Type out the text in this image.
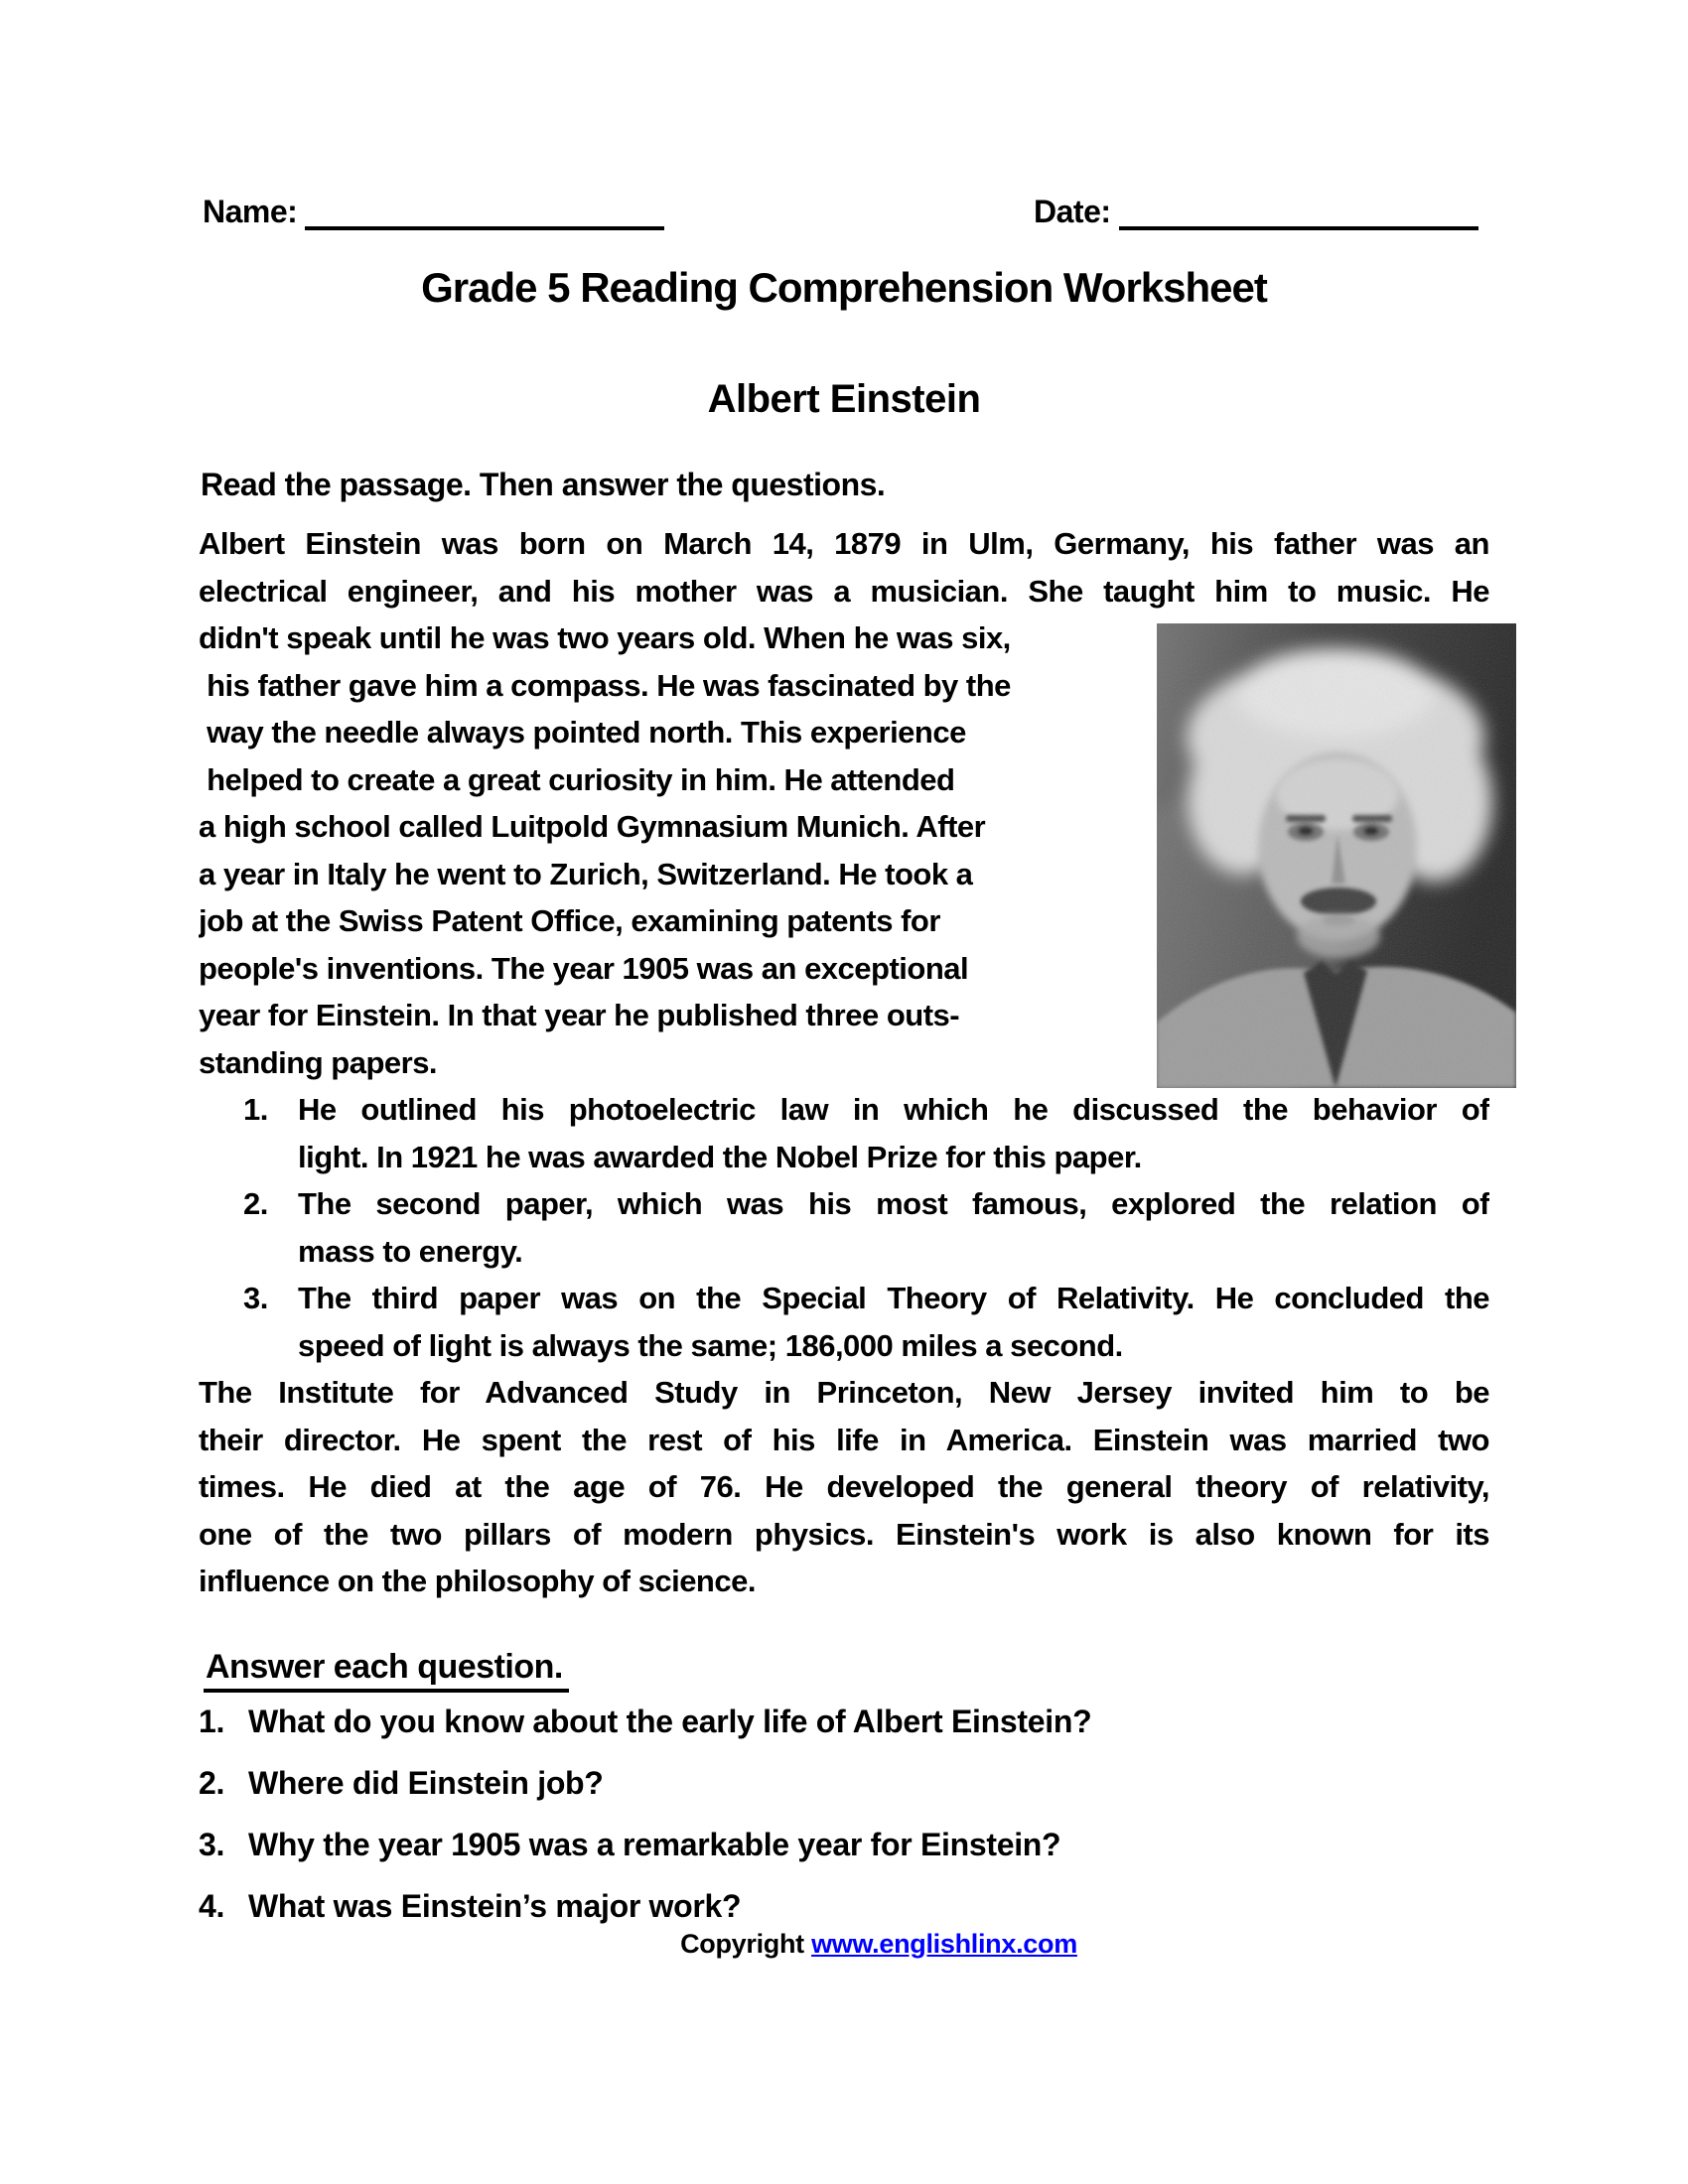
Name:	Date:
Grade 5 Reading Comprehension Worksheet
Albert Einstein
Read the passage. Then answer the questions.
Albert Einstein was born on March 14, 1879 in Ulm, Germany, his father was an
electrical engineer, and his mother was a musician. She taught him to music. He
didn't speak until he was two years old. When he was six,
his father gave him a compass. He was fascinated by the
way the needle always pointed north. This experience
helped to create a great curiosity in him. He attended
a high school called Luitpold Gymnasium Munich. After
a year in Italy he went to Zurich, Switzerland. He took a
job at the Swiss Patent Office, examining patents for
people's inventions. The year 1905 was an exceptional
year for Einstein. In that year he published three outs-
standing papers.
1. He outlined his photoelectric law in which he discussed the behavior of
light. In 1921 he was awarded the Nobel Prize for this paper.
2. The second paper, which was his most famous, explored the relation of
mass to energy.
3. The third paper was on the Special Theory of Relativity. He concluded the
speed of light is always the same; 186,000 miles a second.
The Institute for Advanced Study in Princeton, New Jersey invited him to be
their director. He spent the rest of his life in America. Einstein was married two
times. He died at the age of 76. He developed the general theory of relativity,
one of the two pillars of modern physics. Einstein's work is also known for its
influence on the philosophy of science.
Answer each question.
1. What do you know about the early life of Albert Einstein?
2. Where did Einstein job?
3. Why the year 1905 was a remarkable year for Einstein?
4. What was Einstein’s major work?
Copyright www.englishlinx.com
